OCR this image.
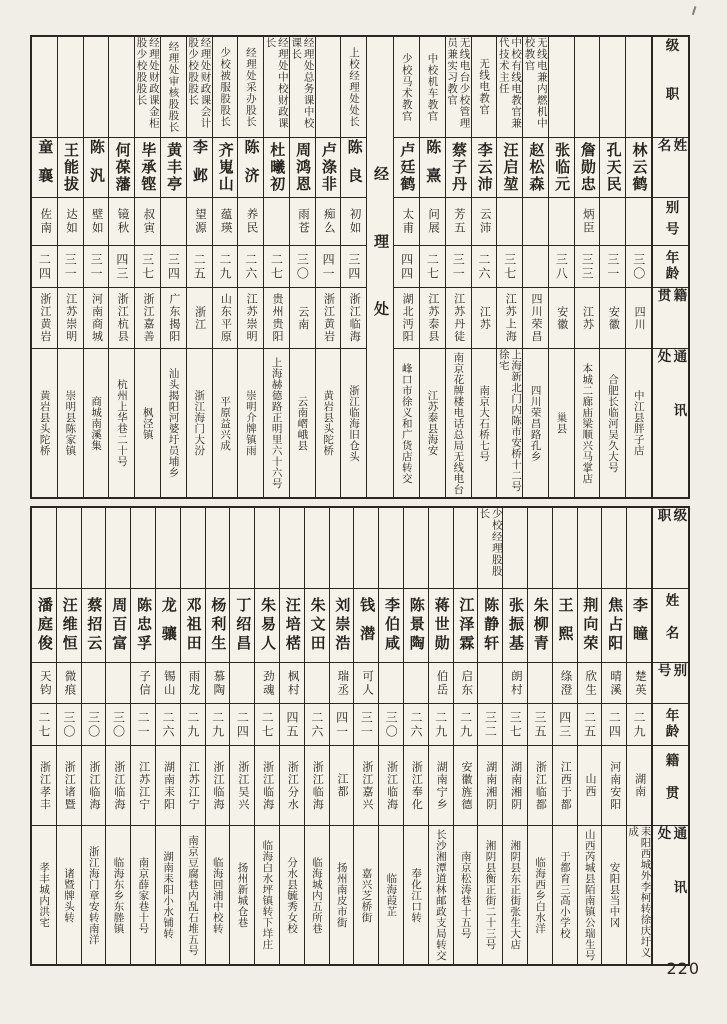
级职
姓名
别号
年龄
籍贯
通讯处
林云鹤
三〇
四川
中江县胖子店
孔天民
三一
安徽
合肥长临河吴久大号
詹勋忠
炳臣
三三
江苏
本城二廊庙梁顺兴马掌店
张临元
三八
安徽
巢县
无线电兼内燃机中校教官
赵松森
四川荣昌
四川荣昌路孔乡
中校有线电教官兼代技术主任
汪启堃
三七
江苏上海
上海新北门内陈市安桥十二号徐宅
无线电教官
李云沛
云沛
二六
江苏
南京大石桥七号
无线电台少校管理员兼实习教官
蔡子丹
芳五
三一
江苏丹徒
南京花牌楼电话总局无线电台
中校机车教官
陈熹
问展
二七
江苏泰县
江苏泰县海安
少校马术教官
卢廷鹤
太甫
四四
湖北沔阳
峰口市徐义和广货店转交
经理处
上校经理处处长
陈良
初如
三四
浙江临海
浙江临海旧仓头
卢涤非
痴么
四一
浙江黄岩
黄岩县头陀桥
经理处总务课中校课长
周鸿恩
雨苍
三〇
云南
云南嶍峨县
经理处中校财政课长
杜曦初
二七
贵州贵阳
上海赫德路正明里六十六号
经理处采办股长
陈济
养民
二六
江苏崇明
崇明介牌镇雨
少校被服股股长
齐嵬山
蕴瑛
二九
山东平原
平原益兴成
经理处财政课会计股少校股股长
李邺
望源
二五
浙江
浙江海门大汾
经理处审核股股长
黄丰亭
三四
广东揭阳
汕头揭阳河婆圩员埔乡
经理处财政课金柜股少校股股长
毕承铿
叔寅
三七
浙江嘉善
枫泾镇
何葆藩
镜秋
四三
浙江杭县
杭州上华巷二十号
陈汎
壁如
三一
河南商城
商城南溪集
王能拔
达如
三一
江苏崇明
崇明县陈家镇
童襄
佐南
二四
浙江黄岩
黄岩县头陀桥
级职
姓名
别号
年龄
籍贯
通讯处
李瞳
楚英
二九
湖南
耒阳西城外李柯转徐庆圩义成
焦占阳
晴溪
二四
河南安阳
安阳县当中冈
荆向荣
欣生
二五
山西
山西芮城县陌南镇公瑞生号
王熙
绦澄
四三
江西于都
于都育三高小学校
朱柳青
三五
浙江临都
临海西乡白水洋
张振基
朗村
三七
湖南湘阴
湘阴县东正街张生大店
少校经理股股长
陈静轩
三二
湖南湘阴
湘阴县衡正街二十三号
江泽霖
启东
二九
安徽旌德
南京松涛巷十五号
蒋世勋
伯岳
二九
湖南宁乡
长沙湘潭道林邮政支局转交
陈景陶
二六
浙江奉化
奉化江口转
李伯咸
三〇
浙江临海
临海葭芷
钱潜
可人
三一
浙江嘉兴
嘉兴芝桥街
刘崇浩
瑞丞
四一
江都
扬州南皮市街
朱文田
二六
浙江临海
临海城内五所巷
汪培楛
枫村
四五
浙江分水
分水县毓秀女校
朱易人
劲魂
二七
浙江临海
临海白水坪镇转下垟庄
丁绍昌
二四
浙江吴兴
扬州新城仓巷
杨利生
慕陶
二九
浙江临海
临海回浦中校转
邓祖田
雨龙
二九
江苏江宁
南京豆腐巷内乱石堆五号
龙骧
锡山
二六
湖南耒阳
湖南耒阳小水铺转
陈忠孚
子信
二一
江苏江宁
南京薛家巷十号
周百富
三〇
浙江临海
临海东乡东塍镇
蔡招云
三〇
浙江临海
浙江海门章安转南洋
汪维恒
微痕
三〇
浙江诸暨
诸暨牌头转
潘庭俊
天钧
二七
浙江孝丰
孝丰城内洪宅
220
